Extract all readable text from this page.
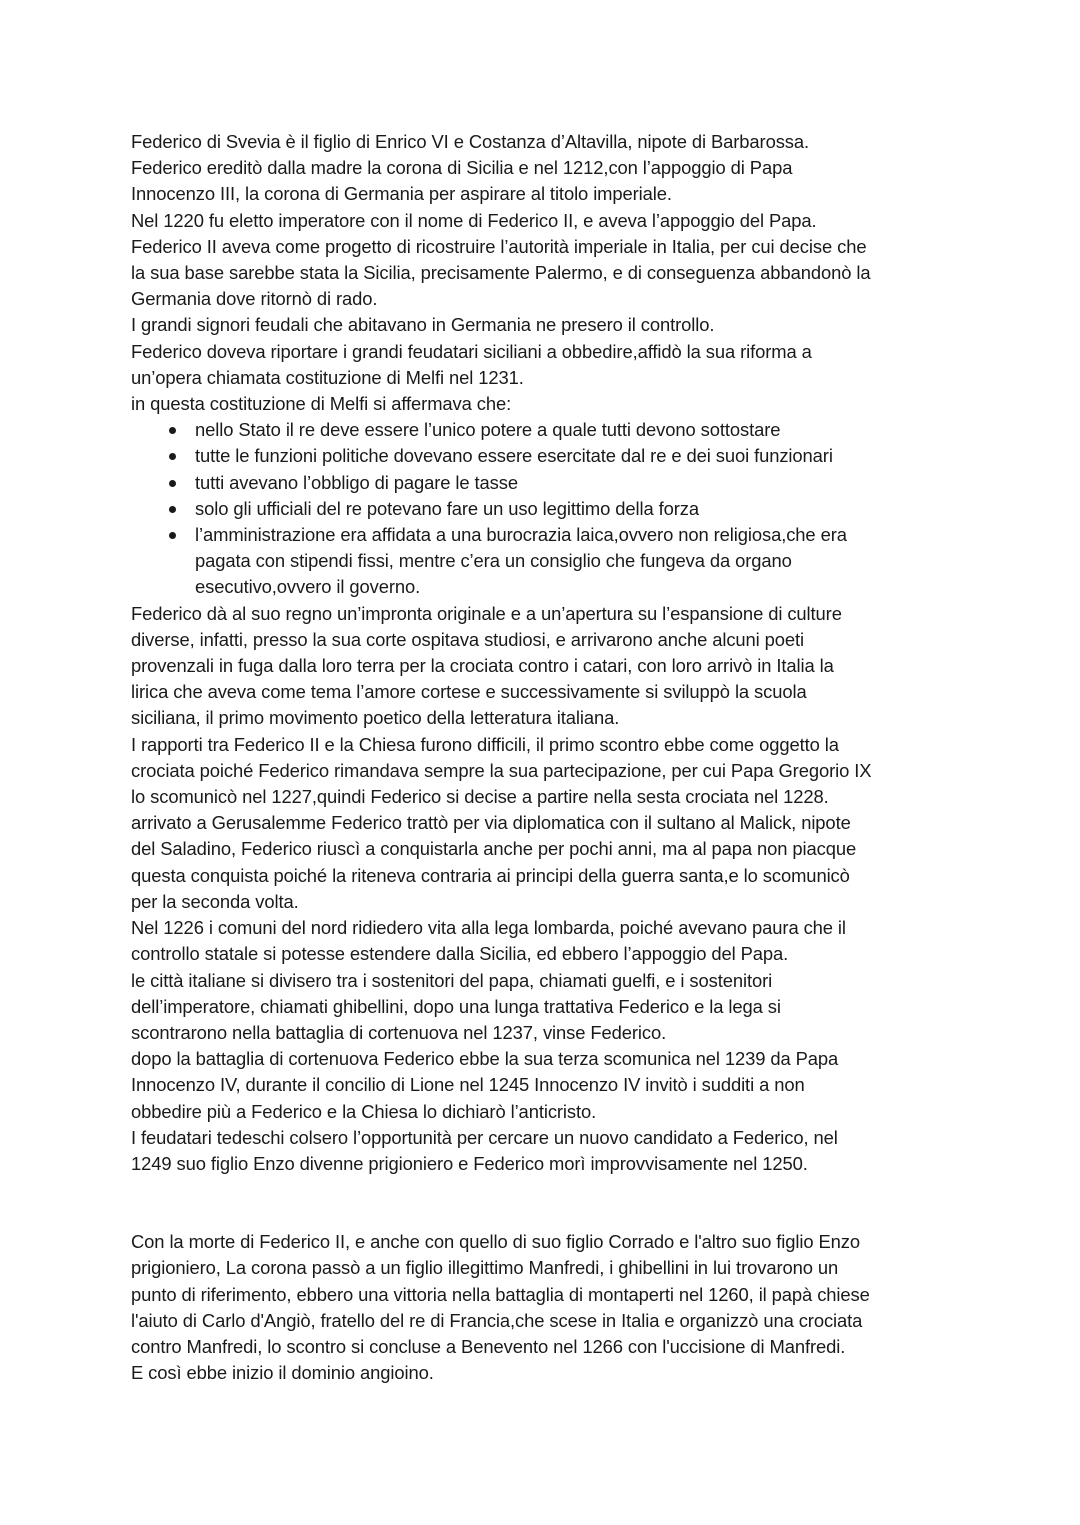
Federico di Svevia è il figlio di Enrico VI e Costanza d’Altavilla, nipote di Barbarossa.
Federico ereditò dalla madre la corona di Sicilia e nel 1212,con l’appoggio di Papa
Innocenzo III, la corona di Germania per aspirare al titolo imperiale.
Nel 1220 fu eletto imperatore con il nome di Federico II, e aveva l’appoggio del Papa.
Federico II aveva come progetto di ricostruire l’autorità imperiale in Italia, per cui decise che
la sua base sarebbe stata la Sicilia, precisamente Palermo, e di conseguenza abbandonò la
Germania dove ritornò di rado.
I grandi signori feudali che abitavano in Germania ne presero il controllo.
Federico doveva riportare i grandi feudatari siciliani a obbedire,affidò la sua riforma a
un’opera chiamata costituzione di Melfi nel 1231.
in questa costituzione di Melfi si affermava che:
nello Stato il re deve essere l’unico potere a quale tutti devono sottostare
tutte le funzioni politiche dovevano essere esercitate dal re e dei suoi funzionari
tutti avevano l’obbligo di pagare le tasse
solo gli ufficiali del re potevano fare un uso legittimo della forza
l’amministrazione era affidata a una burocrazia laica,ovvero non religiosa,che era
pagata con stipendi fissi, mentre c’era un consiglio che fungeva da organo
esecutivo,ovvero il governo.
Federico dà al suo regno un’impronta originale e a un’apertura su l’espansione di culture
diverse, infatti, presso la sua corte ospitava studiosi, e arrivarono anche alcuni poeti
provenzali in fuga dalla loro terra per la crociata contro i catari, con loro arrivò in Italia la
lirica che aveva come tema l’amore cortese e successivamente si sviluppò la scuola
siciliana, il primo movimento poetico della letteratura italiana.
I rapporti tra Federico II e la Chiesa furono difficili, il primo scontro ebbe come oggetto la
crociata poiché Federico rimandava sempre la sua partecipazione, per cui Papa Gregorio IX
lo scomunicò nel 1227,quindi Federico si decise a partire nella sesta crociata nel 1228.
arrivato a Gerusalemme Federico trattò per via diplomatica con il sultano al Malick, nipote
del Saladino, Federico riuscì a conquistarla anche per pochi anni, ma al papa non piacque
questa conquista poiché la riteneva contraria ai principi della guerra santa,e lo scomunicò
per la seconda volta.
Nel 1226 i comuni del nord ridiedero vita alla lega lombarda, poiché avevano paura che il
controllo statale si potesse estendere dalla Sicilia, ed ebbero l’appoggio del Papa.
le città italiane si divisero tra i sostenitori del papa, chiamati guelfi, e i sostenitori
dell’imperatore, chiamati ghibellini, dopo una lunga trattativa Federico e la lega si
scontrarono nella battaglia di cortenuova nel 1237, vinse Federico.
dopo la battaglia di cortenuova Federico ebbe la sua terza scomunica nel 1239 da Papa
Innocenzo IV, durante il concilio di Lione nel 1245 Innocenzo IV invitò i sudditi a non
obbedire più a Federico e la Chiesa lo dichiarò l’anticristo.
I feudatari tedeschi colsero l’opportunità per cercare un nuovo candidato a Federico, nel
1249 suo figlio Enzo divenne prigioniero e Federico morì improvvisamente nel 1250.
Con la morte di Federico II, e anche con quello di suo figlio Corrado e l'altro suo figlio Enzo
prigioniero, La corona passò a un figlio illegittimo Manfredi, i ghibellini in lui trovarono un
punto di riferimento, ebbero una vittoria nella battaglia di montaperti nel 1260, il papà chiese
l'aiuto di Carlo d'Angiò, fratello del re di Francia,che scese in Italia e organizzò una crociata
contro Manfredi, lo scontro si concluse a Benevento nel 1266 con l'uccisione di Manfredi.
E così ebbe inizio il dominio angioino.
